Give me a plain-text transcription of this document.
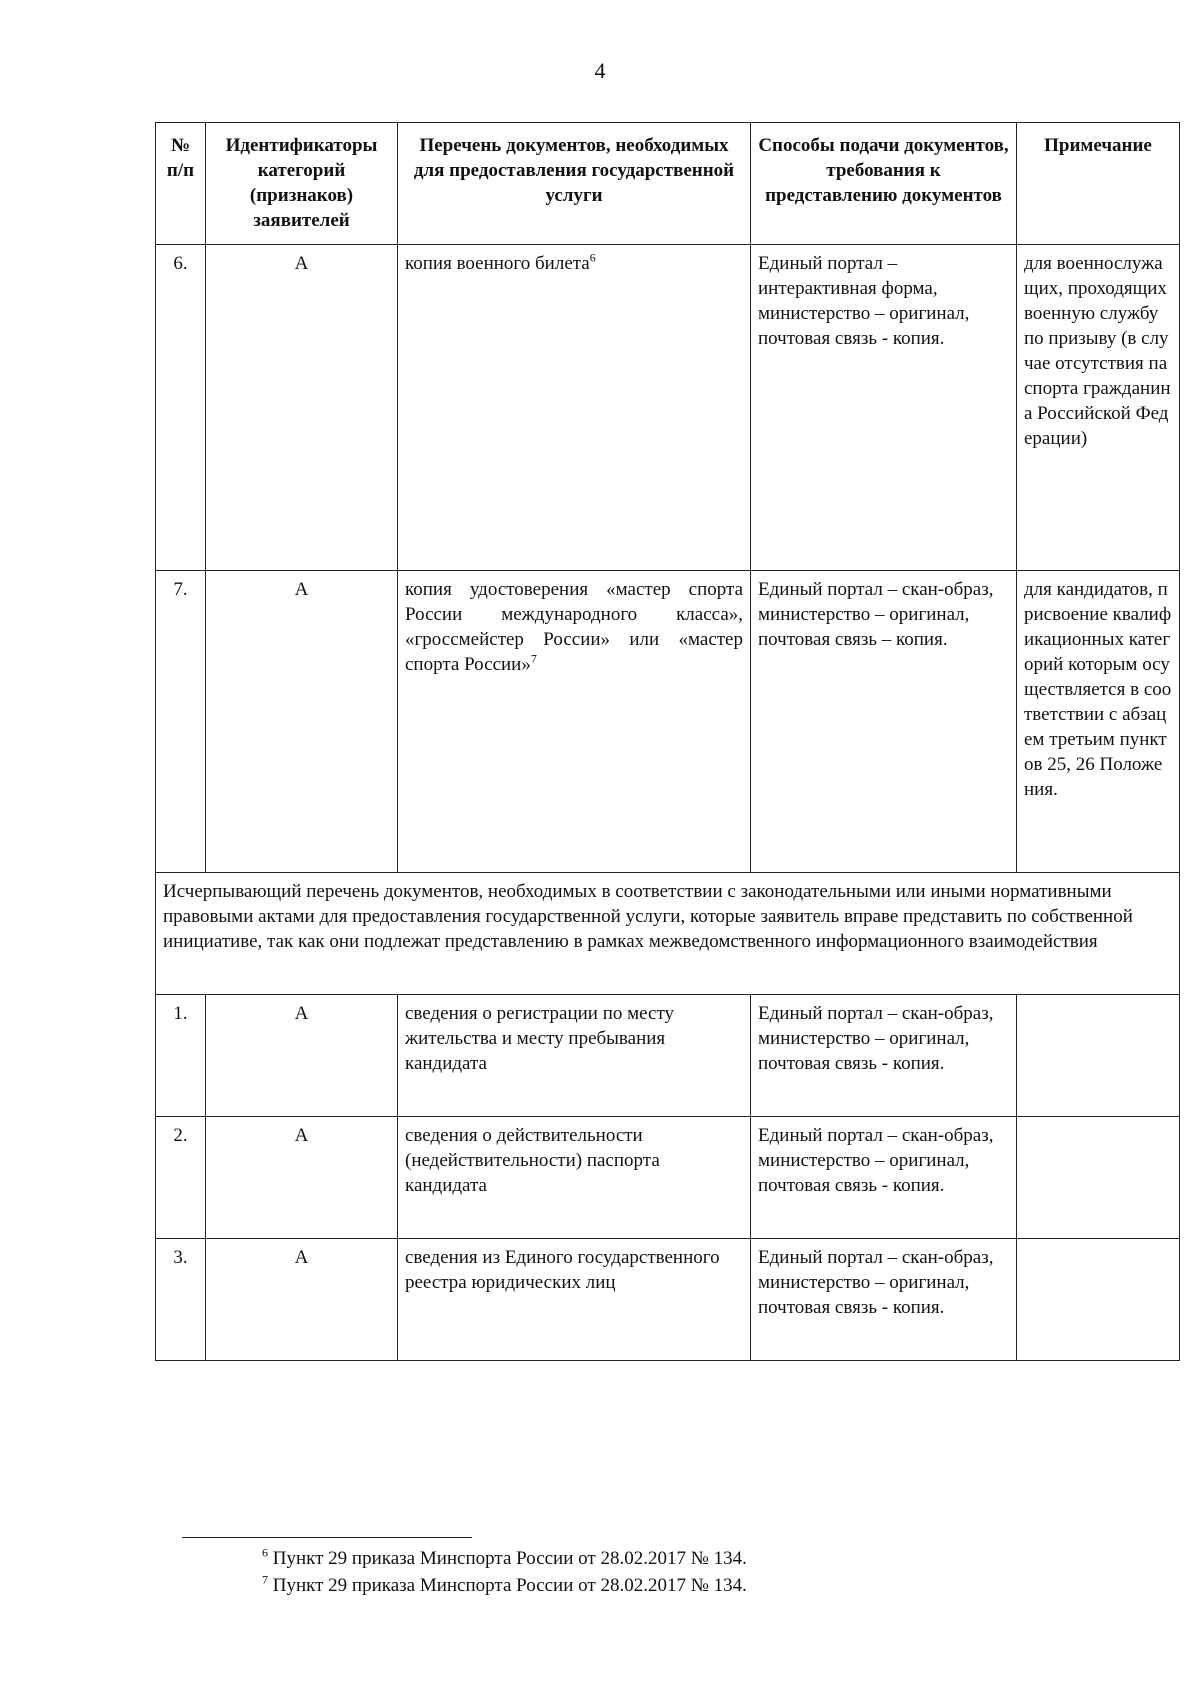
4
№ п/п	Идентификаторы категорий (признаков) заявителей	Перечень документов, необходимых для предоставления государственной услуги	Способы подачи документов, требования к представлению документов	Примечание
6.	А	копия военного билета$^6$	Единый портал – интерактивная форма, министерство – оригинал, почтовая связь - копия.	для военнослужащих, проходящих военную службу по призыву (в случае отсутствия паспорта гражданина Российской Федерации)
7.	А	копия удостоверения «мастер спорта России международного класса», «гроссмейстер России» или «мастер спорта России»$^7$	Единый портал – скан-образ, министерство – оригинал, почтовая связь – копия.	для кандидатов, присвоение квалификационных категорий которым осуществляется в соответствии с абзацем третьим пунктов 25, 26 Положения.
Исчерпывающий перечень документов, необходимых в соответствии с законодательными или иными нормативными правовыми актами для предоставления государственной услуги, которые заявитель вправе представить по собственной инициативе, так как они подлежат представлению в рамках межведомственного информационного взаимодействия				
1.	А	сведения о регистрации по месту жительства и месту пребывания кандидата	Единый портал – скан-образ, министерство – оригинал, почтовая связь - копия.	
2.	А	сведения о действительности (недействительности) паспорта кандидата	Единый портал – скан-образ, министерство – оригинал, почтовая связь - копия.	
3.	А	сведения из Единого государственного реестра юридических лиц	Единый портал – скан-образ, министерство – оригинал, почтовая связь - копия.	
$^6$ Пункт 29 приказа Минспорта России от 28.02.2017 № 134.
$^7$ Пункт 29 приказа Минспорта России от 28.02.2017 № 134.
